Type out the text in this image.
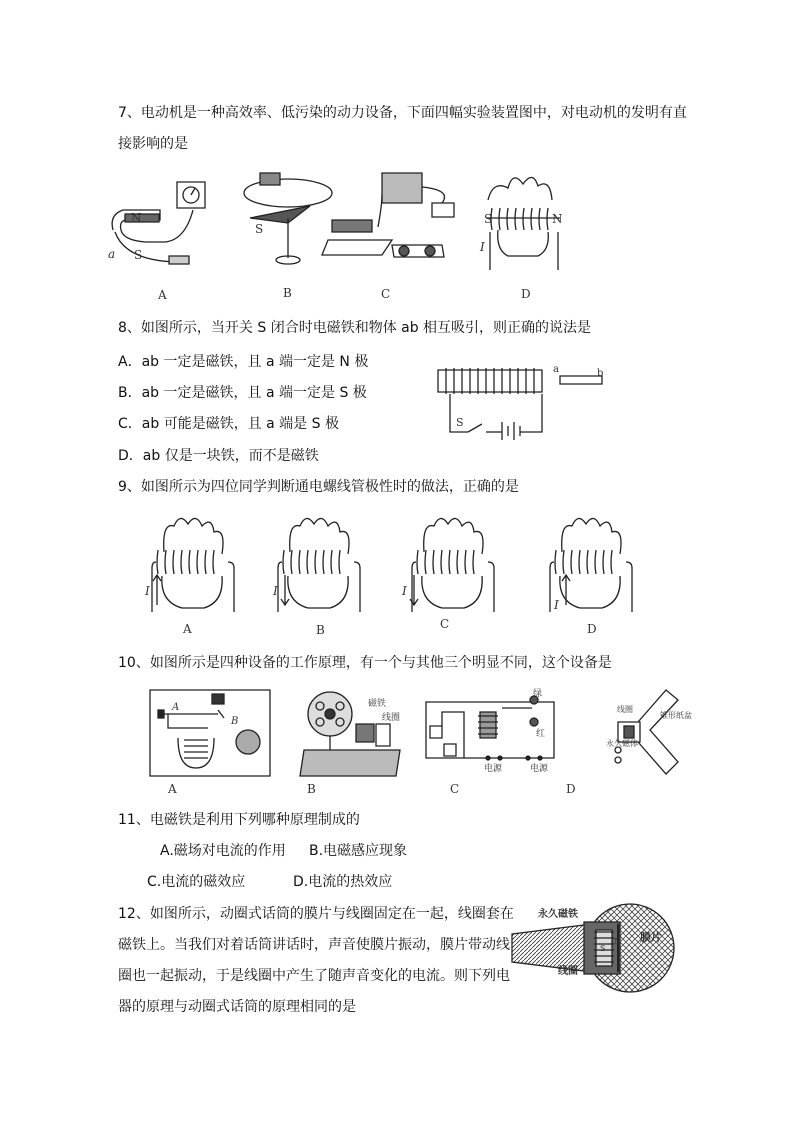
7、电动机是一种高效率、低污染的动力设备，下面四幅实验装置图中，对电动机的发明有直
接影响的是
N
S
a
S
C
S	N
I
A	B	D
8、如图所示，当开关 S 闭合时电磁铁和物体 ab 相互吸引，则正确的说法是
A．ab 一定是磁铁，且 a 端一定是 N 极
B．ab 一定是磁铁，且 a 端一定是 S 极
C．ab 可能是磁铁，且 a 端是 S 极
D．ab 仅是一块铁，而不是磁铁
a	b
S
9、如图所示为四位同学判断通电螺线管极性时的做法，正确的是
I	I	I
I
A	B	C	D
10、如图所示是四种设备的工作原理，有一个与其他三个明显不同，这个设备是
A
B
磁铁
线圈
绿
红
电源	电源
线圈
锥形纸盆
永久磁体
A	B	C	D
11、电磁铁是利用下列哪种原理制成的
A.磁场对电流的作用 B.电磁感应现象
C.电流的磁效应	D.电流的热效应
12、如图所示，动圈式话筒的膜片与线圈固定在一起，线圈套在
磁铁上。当我们对着话筒讲话时，声音使膜片振动，膜片带动线
圈也一起振动，于是线圈中产生了随声音变化的电流。则下列电
器的原理与动圈式话筒的原理相同的是
永久磁铁
膜片
线圈
N
S
